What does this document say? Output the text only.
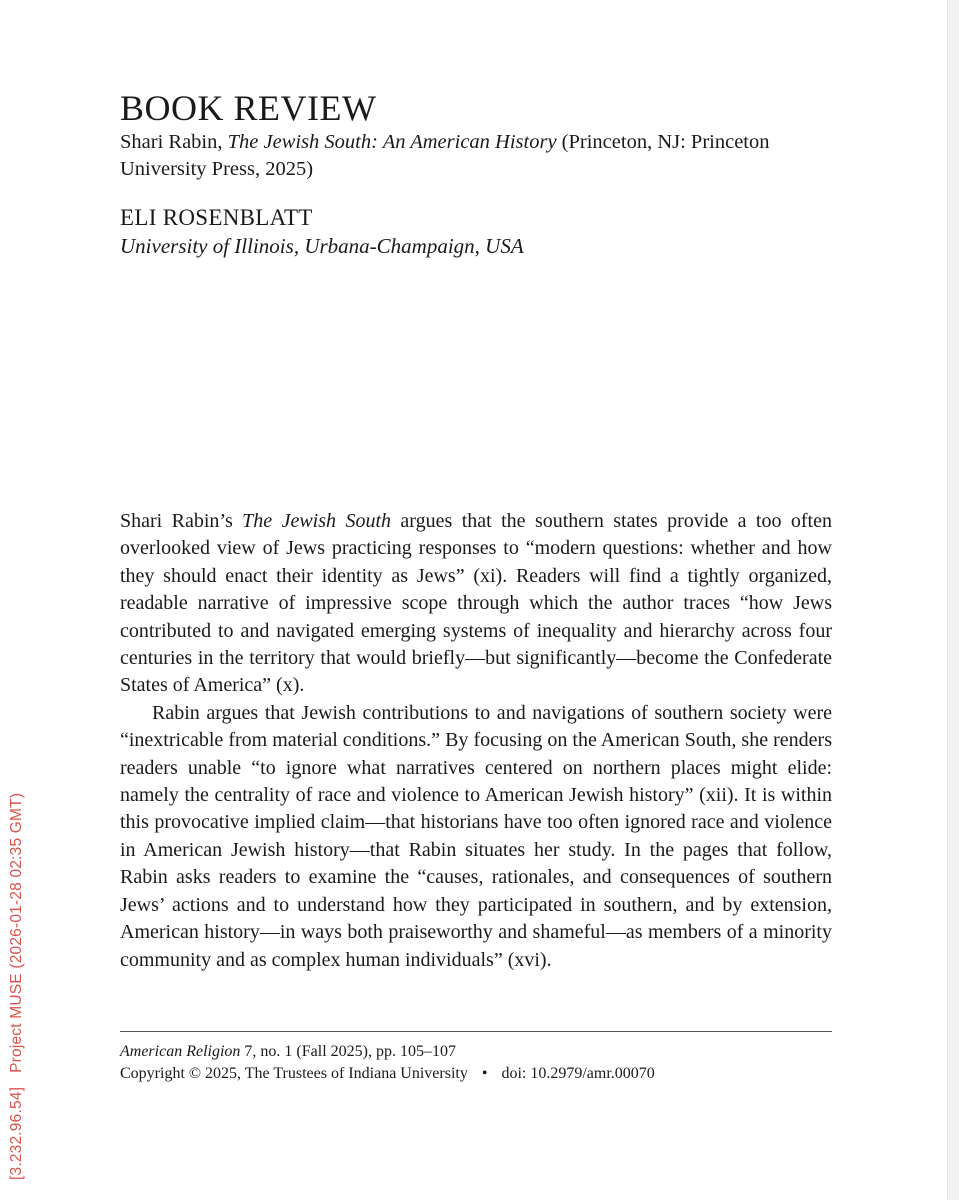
BOOK REVIEW
Shari Rabin, The Jewish South: An American History (Princeton, NJ: Princeton University Press, 2025)
ELI ROSENBLATT
University of Illinois, Urbana-Champaign, USA

Shari Rabin’s The Jewish South argues that the southern states provide a too often overlooked view of Jews practicing responses to “modern questions: whether and how they should enact their identity as Jews” (xi). Readers will find a tightly organized, readable narrative of impressive scope through which the author traces “how Jews contributed to and navigated emerging systems of inequality and hierarchy across four centuries in the territory that would briefly—but significantly—become the Confederate States of America” (x).

Rabin argues that Jewish contributions to and navigations of southern society were “inextricable from material conditions.” By focusing on the American South, she renders readers unable “to ignore what narratives centered on northern places might elide: namely the centrality of race and violence to American Jewish history” (xii). It is within this provocative implied claim—that historians have too often ignored race and violence in American Jewish history—that Rabin situates her study. In the pages that follow, Rabin asks readers to examine the “causes, rationales, and consequences of southern Jews’ actions and to understand how they participated in southern, and by extension, American history—in ways both praiseworthy and shameful—as members of a minority community and as complex human individuals” (xvi).

American Religion 7, no. 1 (Fall 2025), pp. 105–107
Copyright © 2025, The Trustees of Indiana University • doi: 10.2979/amr.00070
[3.232.96.54]Project MUSE (2026-01-28 02:35 GMT)
